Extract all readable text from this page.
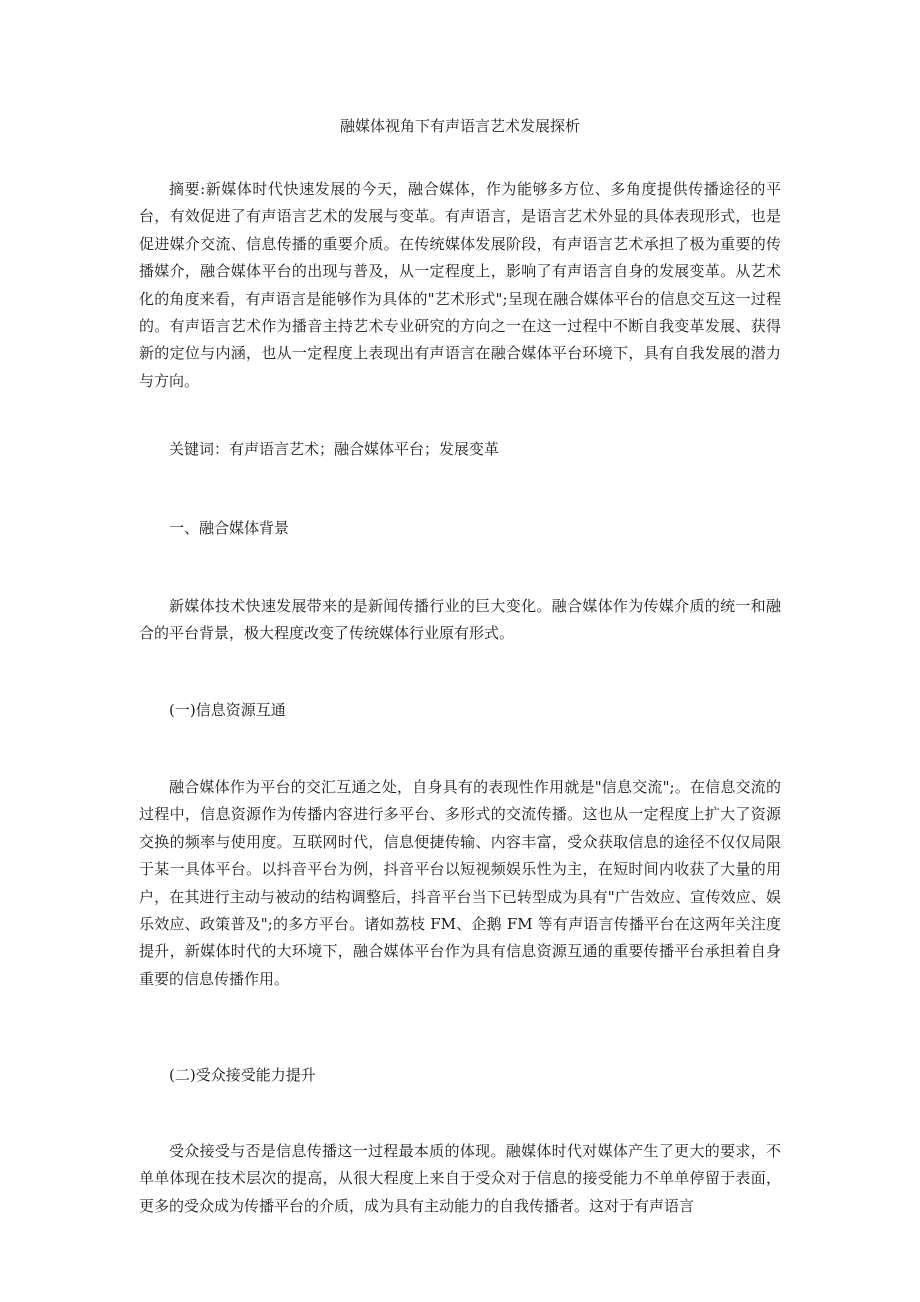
融媒体视角下有声语言艺术发展探析

摘要:新媒体时代快速发展的今天，融合媒体，作为能够多方位、多角度提供传播途径的平台，有效促进了有声语言艺术的发展与变革。有声语言，是语言艺术外显的具体表现形式，也是促进媒介交流、信息传播的重要介质。在传统媒体发展阶段，有声语言艺术承担了极为重要的传播媒介，融合媒体平台的出现与普及，从一定程度上，影响了有声语言自身的发展变革。从艺术化的角度来看，有声语言是能够作为具体的"艺术形式";呈现在融合媒体平台的信息交互这一过程的。有声语言艺术作为播音主持艺术专业研究的方向之一在这一过程中不断自我变革发展、获得新的定位与内涵，也从一定程度上表现出有声语言在融合媒体平台环境下，具有自我发展的潜力与方向。

关键词：有声语言艺术；融合媒体平台；发展变革

一、融合媒体背景

新媒体技术快速发展带来的是新闻传播行业的巨大变化。融合媒体作为传媒介质的统一和融合的平台背景，极大程度改变了传统媒体行业原有形式。

(一)信息资源互通

融合媒体作为平台的交汇互通之处，自身具有的表现性作用就是"信息交流";。在信息交流的过程中，信息资源作为传播内容进行多平台、多形式的交流传播。这也从一定程度上扩大了资源交换的频率与使用度。互联网时代，信息便捷传输、内容丰富，受众获取信息的途径不仅仅局限于某一具体平台。以抖音平台为例，抖音平台以短视频娱乐性为主，在短时间内收获了大量的用户，在其进行主动与被动的结构调整后，抖音平台当下已转型成为具有"广告效应、宣传效应、娱乐效应、政策普及";的多方平台。诸如荔枝 FM、企鹅 FM 等有声语言传播平台在这两年关注度提升，新媒体时代的大环境下，融合媒体平台作为具有信息资源互通的重要传播平台承担着自身重要的信息传播作用。

(二)受众接受能力提升

受众接受与否是信息传播这一过程最本质的体现。融媒体时代对媒体产生了更大的要求，不单单体现在技术层次的提高，从很大程度上来自于受众对于信息的接受能力不单单停留于表面，更多的受众成为传播平台的介质，成为具有主动能力的自我传播者。这对于有声语言
